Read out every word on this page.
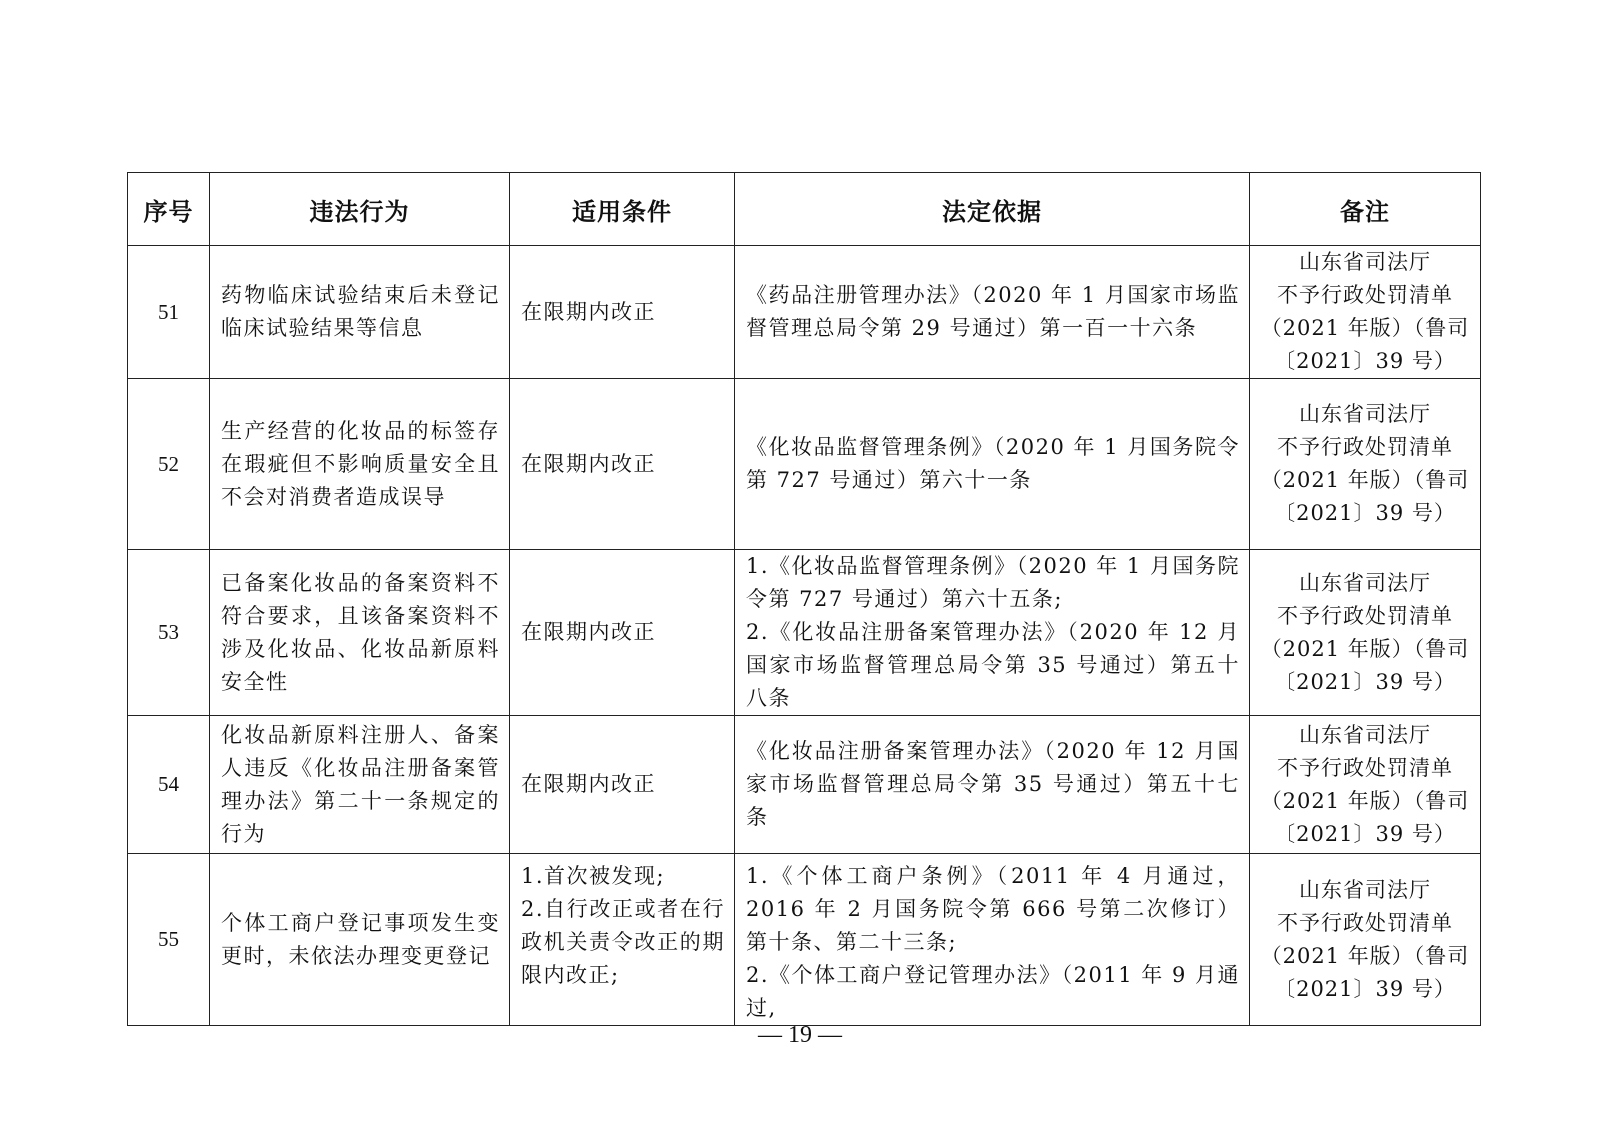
序号	违法行为	适用条件	法定依据	备注
51	药物临床试验结束后未登记临床试验结果等信息	在限期内改正	《药品注册管理办法》（2020 年 1 月国家市场监督管理总局令第 29 号通过）第一百一十六条	山东省司法厅
不予行政处罚清单
（2021 年版）（鲁司
〔2021〕39 号）

52	生产经营的化妆品的标签存在瑕疵但不影响质量安全且不会对消费者造成误导	在限期内改正	《化妆品监督管理条例》（2020 年 1 月国务院令第 727 号通过）第六十一条	山东省司法厅
不予行政处罚清单
（2021 年版）（鲁司
〔2021〕39 号）

53	已备案化妆品的备案资料不符合要求，且该备案资料不涉及化妆品、化妆品新原料安全性	在限期内改正	1.《化妆品监督管理条例》（2020 年 1 月国务院令第 727 号通过）第六十五条;
2.《化妆品注册备案管理办法》（2020 年 12 月国家市场监督管理总局令第 35 号通过）第五十八条	山东省司法厅
不予行政处罚清单
（2021 年版）（鲁司
〔2021〕39 号）

54	化妆品新原料注册人、备案人违反《化妆品注册备案管理办法》第二十一条规定的行为	在限期内改正	《化妆品注册备案管理办法》（2020 年 12 月国家市场监督管理总局令第 35 号通过）第五十七条	山东省司法厅
不予行政处罚清单
（2021 年版）（鲁司
〔2021〕39 号）

55	个体工商户登记事项发生变更时，未依法办理变更登记	1.首次被发现;
2.自行改正或者在行政机关责令改正的期限内改正;	1.《个体工商户条例》（2011 年 4 月通过，2016 年 2 月国务院令第 666 号第二次修订）第十条、第二十三条;
2.《个体工商户登记管理办法》（2011 年 9 月通过,	山东省司法厅
不予行政处罚清单
（2021 年版）（鲁司
〔2021〕39 号）
— 19 —
